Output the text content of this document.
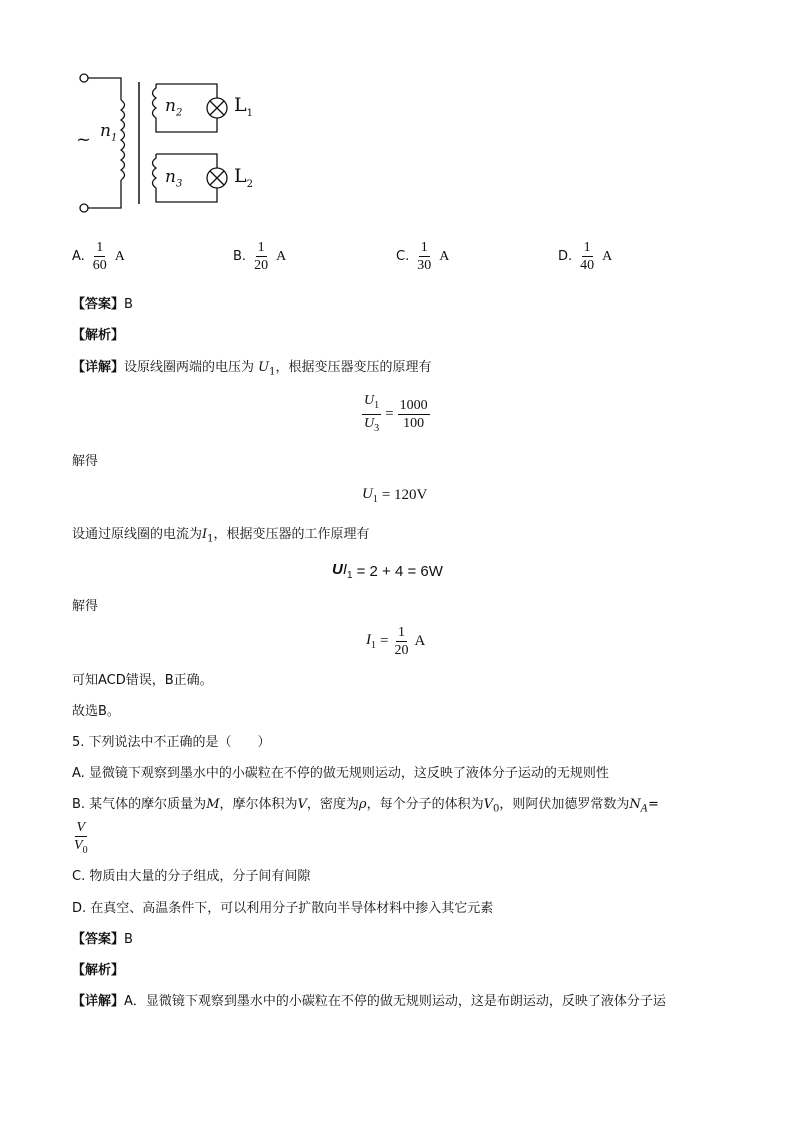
~ $n_1$
$n_2$
$n_3$
$L_1$
$L_2$
A. $\frac{1}{60}$ A	B. $\frac{1}{20}$ A	C. $\frac{1}{30}$ A	D. $\frac{1}{40}$ A
【答案】B
【解析】
【详解】设原线圈两端的电压为 $U_1$，根据变压器变压的原理有
$\frac{U_1}{U_3} = \frac{1000}{100}$
解得
$U_1 = 120V$
设通过原线圈的电流为$I_1$，根据变压器的工作原理有
$UI_1 = 2 + 4 = 6W$
解得
$I_1 = \frac{1}{20}$ A
可知ACD错误，B正确。
故选B。
5. 下列说法中不正确的是（　　）
A. 显微镜下观察到墨水中的小碳粒在不停的做无规则运动，这反映了液体分子运动的无规则性
B. 某气体的摩尔质量为M，摩尔体积为V，密度为ρ，每个分子的体积为$V_0$，则阿伏加德罗常数为$N_A=$
$\frac{V}{V_0}$
C. 物质由大量的分子组成，分子间有间隙
D. 在真空、高温条件下，可以利用分子扩散向半导体材料中掺入其它元素
【答案】B
【解析】
【详解】A．显微镜下观察到墨水中的小碳粒在不停的做无规则运动，这是布朗运动，反映了液体分子运
